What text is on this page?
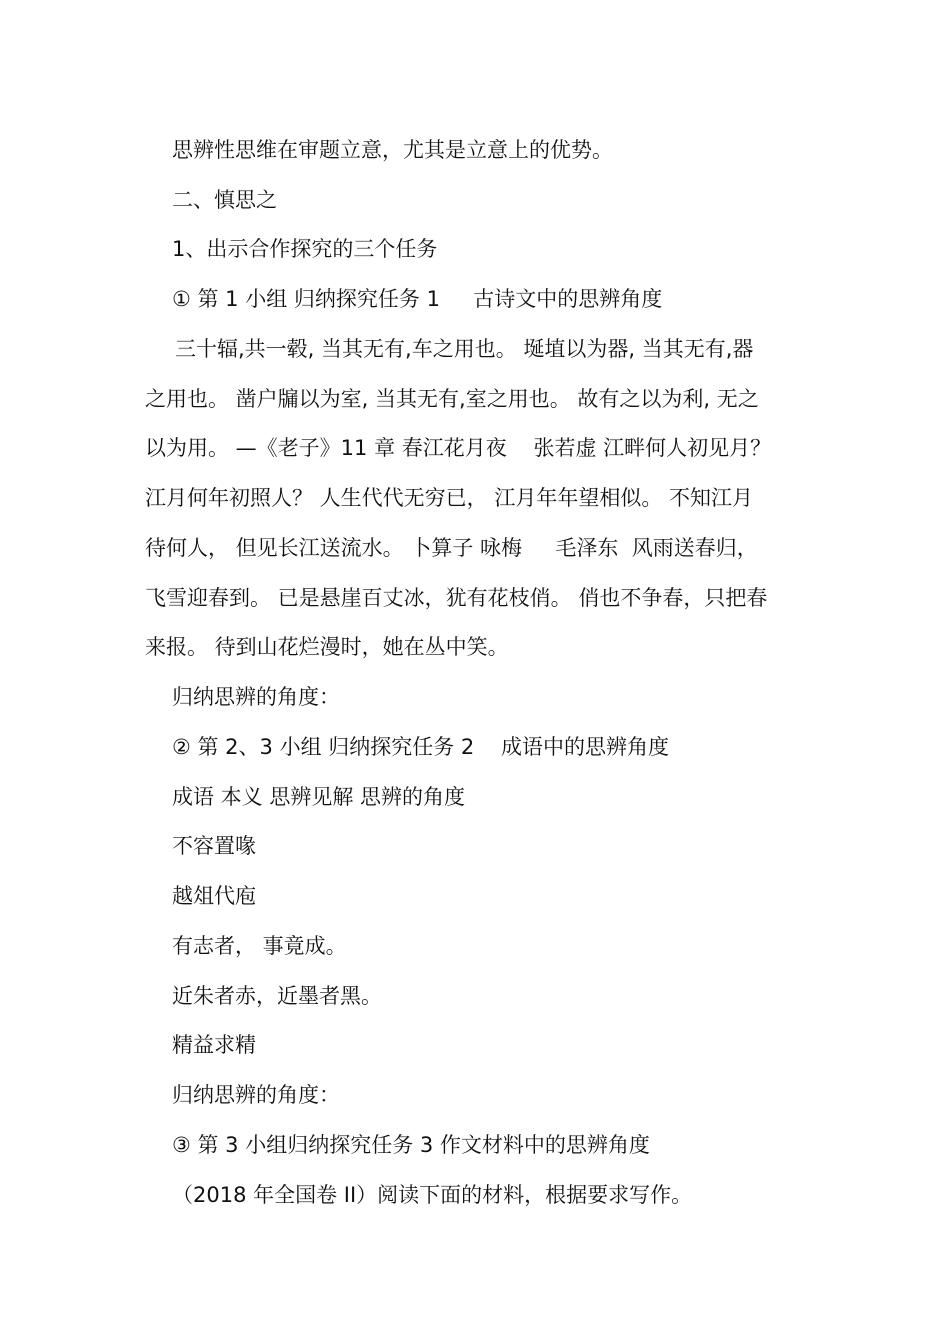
思辨性思维在审题立意，尤其是立意上的优势。
二、慎思之
1、出示合作探究的三个任务
① 第 1 小组 归纳探究任务 1     古诗文中的思辨角度
三十辐,共一毂, 当其无有,车之用也。 埏埴以为器, 当其无有,器
之用也。 凿户牖以为室, 当其无有,室之用也。 故有之以为利, 无之
以为用。 —《老子》11 章 春江花月夜    张若虚 江畔何人初见月？
江月何年初照人？ 人生代代无穷已， 江月年年望相似。 不知江月
待何人， 但见长江送流水。 卜算子 咏梅     毛泽东  风雨送春归，
飞雪迎春到。 已是悬崖百丈冰，犹有花枝俏。 俏也不争春，只把春
来报。 待到山花烂漫时，她在丛中笑。
归纳思辨的角度：
② 第 2、3 小组 归纳探究任务 2    成语中的思辨角度
成语 本义 思辨见解 思辨的角度
不容置喙
越俎代庖
有志者， 事竟成。
近朱者赤，近墨者黑。
精益求精
归纳思辨的角度：
③ 第 3 小组归纳探究任务 3 作文材料中的思辨角度
（2018 年全国卷 II）阅读下面的材料，根据要求写作。
